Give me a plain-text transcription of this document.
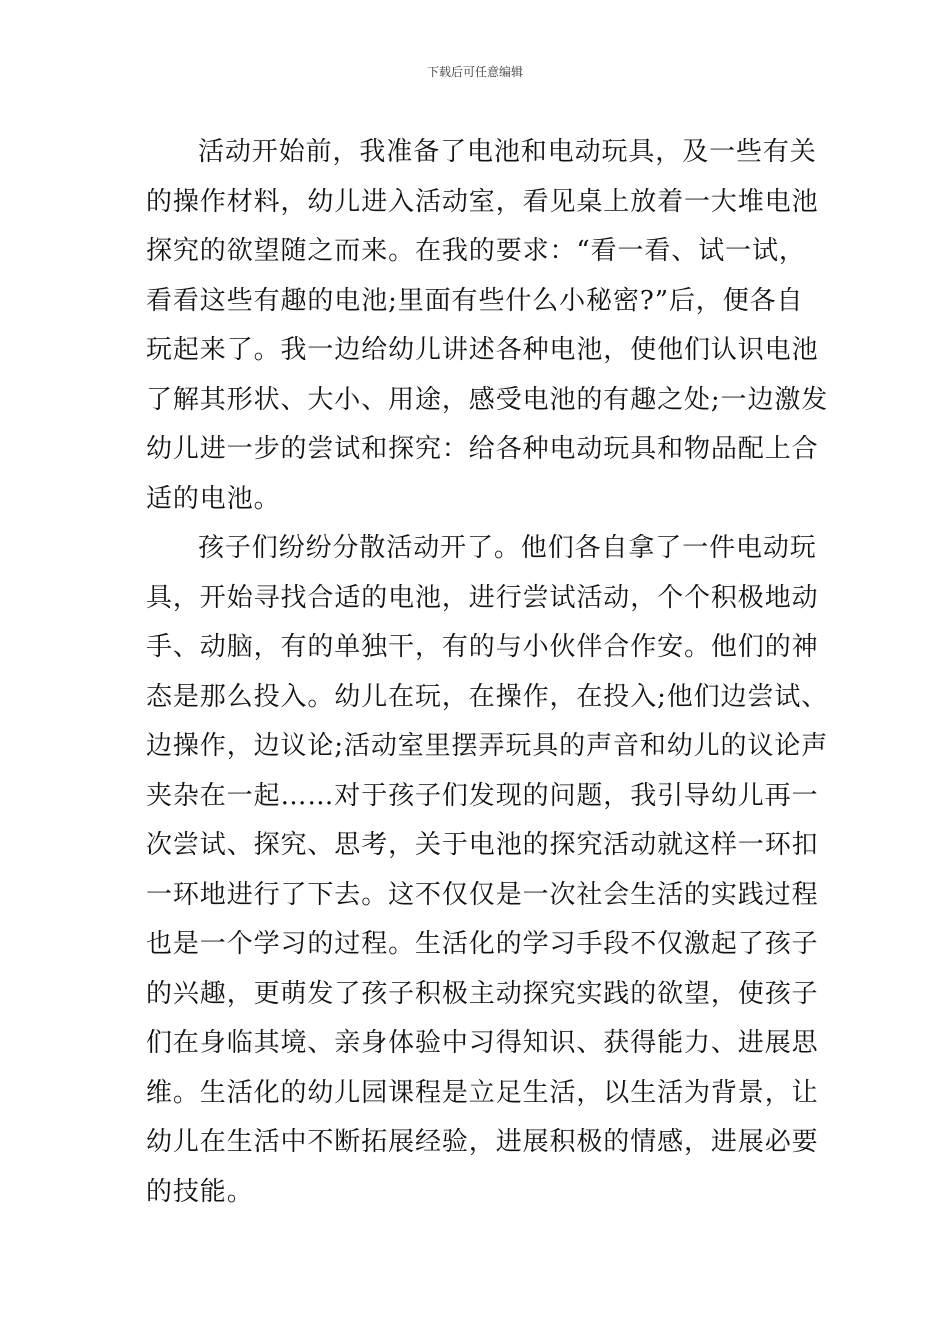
下载后可任意编辑
活动开始前，我准备了电池和电动玩具，及一些有关
的操作材料，幼儿进入活动室，看见桌上放着一大堆电池
探究的欲望随之而来。在我的要求：“看一看、试一试，
看看这些有趣的电池;里面有些什么小秘密?”后，便各自
玩起来了。我一边给幼儿讲述各种电池，使他们认识电池
了解其形状、大小、用途，感受电池的有趣之处;一边激发
幼儿进一步的尝试和探究：给各种电动玩具和物品配上合
适的电池。
孩子们纷纷分散活动开了。他们各自拿了一件电动玩
具，开始寻找合适的电池，进行尝试活动，个个积极地动
手、动脑，有的单独干，有的与小伙伴合作安。他们的神
态是那么投入。幼儿在玩，在操作，在投入;他们边尝试、
边操作，边议论;活动室里摆弄玩具的声音和幼儿的议论声
夹杂在一起……对于孩子们发现的问题，我引导幼儿再一
次尝试、探究、思考，关于电池的探究活动就这样一环扣
一环地进行了下去。这不仅仅是一次社会生活的实践过程
也是一个学习的过程。生活化的学习手段不仅激起了孩子
的兴趣，更萌发了孩子积极主动探究实践的欲望，使孩子
们在身临其境、亲身体验中习得知识、获得能力、进展思
维。生活化的幼儿园课程是立足生活，以生活为背景，让
幼儿在生活中不断拓展经验，进展积极的情感，进展必要
的技能。
